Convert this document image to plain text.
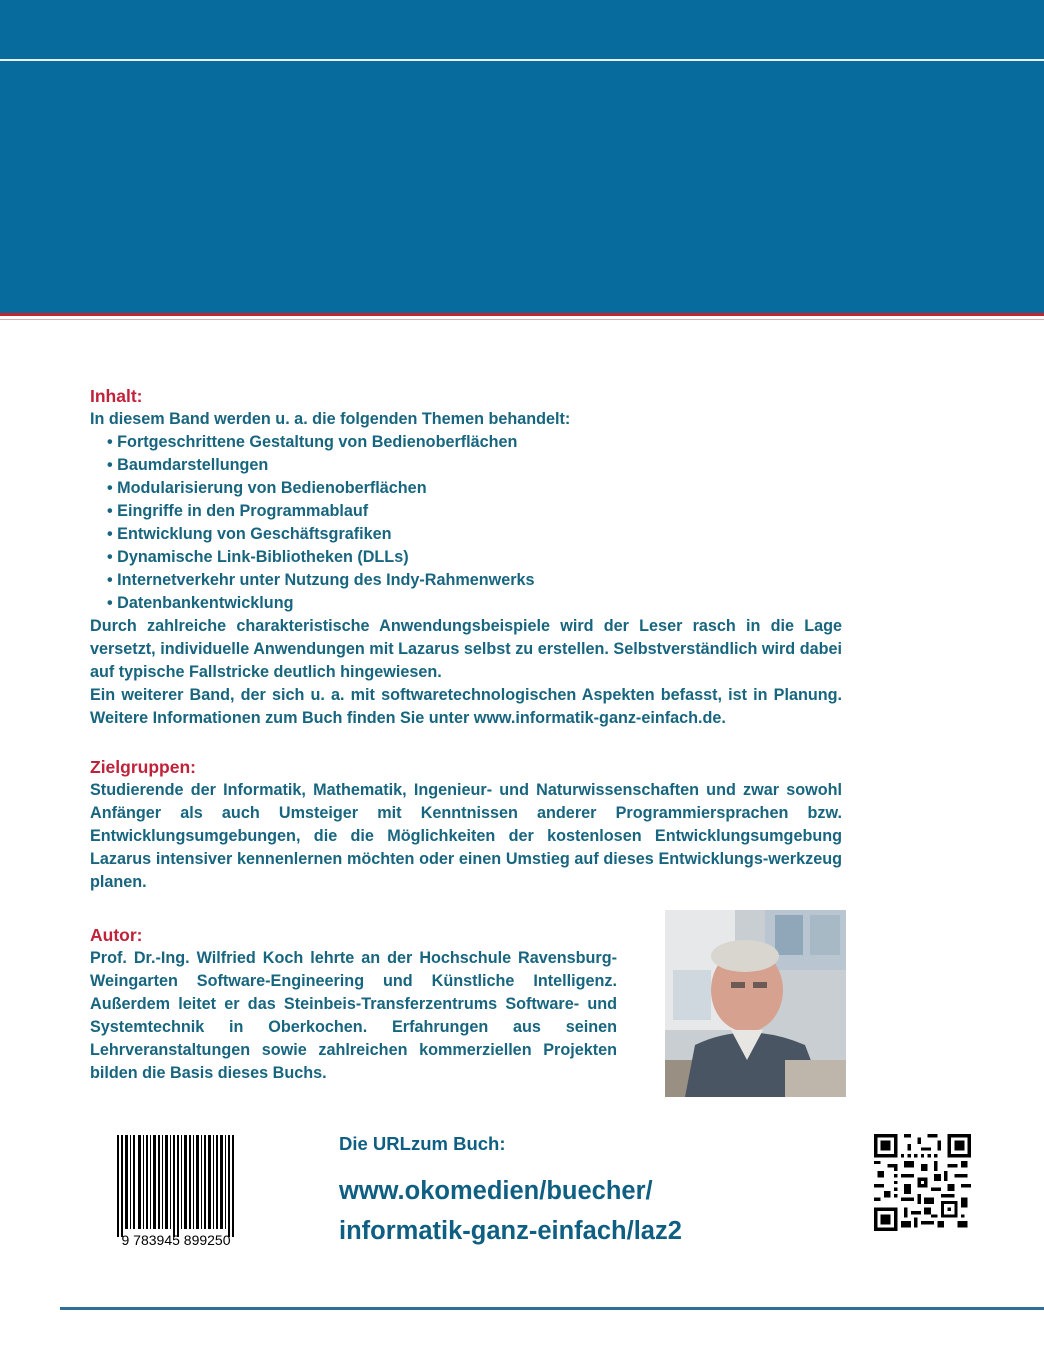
Inhalt:

In diesem Band werden u. a. die folgenden Themen behandelt:

• Fortgeschrittene Gestaltung von Bedienoberflächen
• Baumdarstellungen
• Modularisierung von Bedienoberflächen
• Eingriffe in den Programmablauf
• Entwicklung von Geschäftsgrafiken
• Dynamische Link-Bibliotheken (DLLs)
• Internetverkehr unter Nutzung des Indy-Rahmenwerks
• Datenbankentwicklung

Durch zahlreiche charakteristische Anwendungsbeispiele wird der Leser rasch in die Lage versetzt, individuelle Anwendungen mit Lazarus selbst zu erstellen. Selbstverständlich wird dabei auf typische Fallstricke deutlich hingewiesen.

Ein weiterer Band, der sich u. a. mit softwaretechnologischen Aspekten befasst, ist in Planung. Weitere Informationen zum Buch finden Sie unter www.informatik-ganz-einfach.de.

Zielgruppen:

Studierende der Informatik, Mathematik, Ingenieur- und Naturwissenschaften und zwar sowohl Anfänger als auch Umsteiger mit Kenntnissen anderer Programmiersprachen bzw. Entwicklungsumgebungen, die die Möglichkeiten der kostenlosen Entwicklungsumgebung Lazarus intensiver kennenlernen möchten oder einen Umstieg auf dieses Entwicklungs-werkzeug planen.

Autor:

Prof. Dr.-Ing. Wilfried Koch lehrte an der Hochschule Ravensburg-Weingarten Software-Engineering und Künstliche Intelligenz. Außerdem leitet er das Steinbeis-Transferzentrums Software- und Systemtechnik in Oberkochen. Erfahrungen aus seinen Lehrveranstaltungen sowie zahlreichen kommerziellen Projekten bilden die Basis dieses Buchs.

9 783945 899250
Die URLzum Buch:
www.okomedien/buecher/
informatik-ganz-einfach/laz2
